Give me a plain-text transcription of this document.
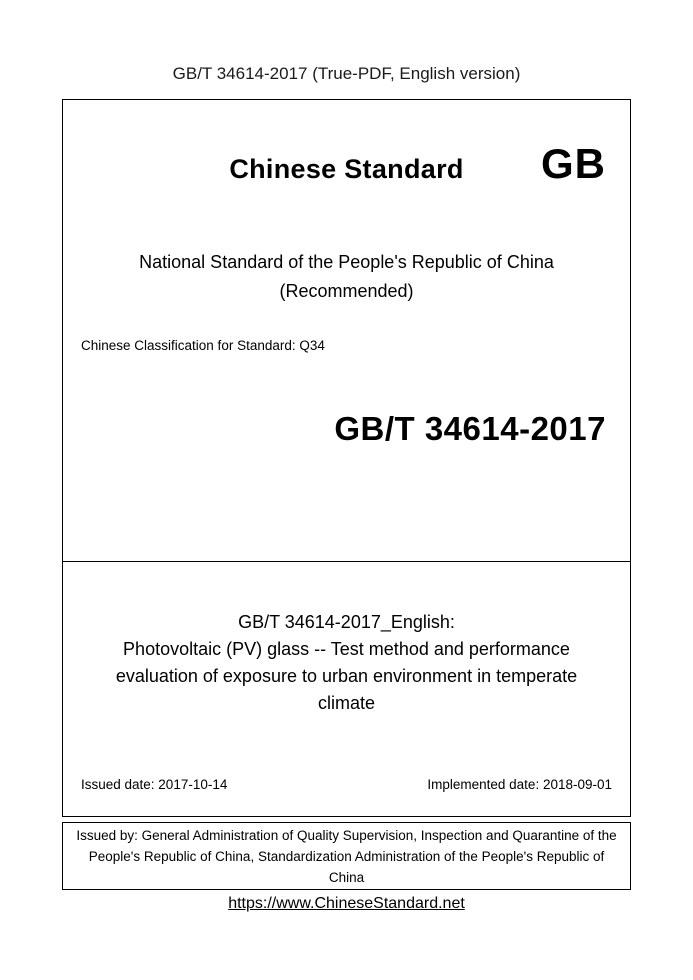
GB/T 34614-2017 (True-PDF, English version)
Chinese Standard	GB
National Standard of the People's Republic of China
(Recommended)
Chinese Classification for Standard: Q34
GB/T 34614-2017
GB/T 34614-2017_English:
Photovoltaic (PV) glass -- Test method and performance evaluation of exposure to urban environment in temperate climate
Issued date: 2017-10-14	Implemented date: 2018-09-01
Issued by: General Administration of Quality Supervision, Inspection and Quarantine of the People's Republic of China, Standardization Administration of the People's Republic of China
https://www.ChineseStandard.net
